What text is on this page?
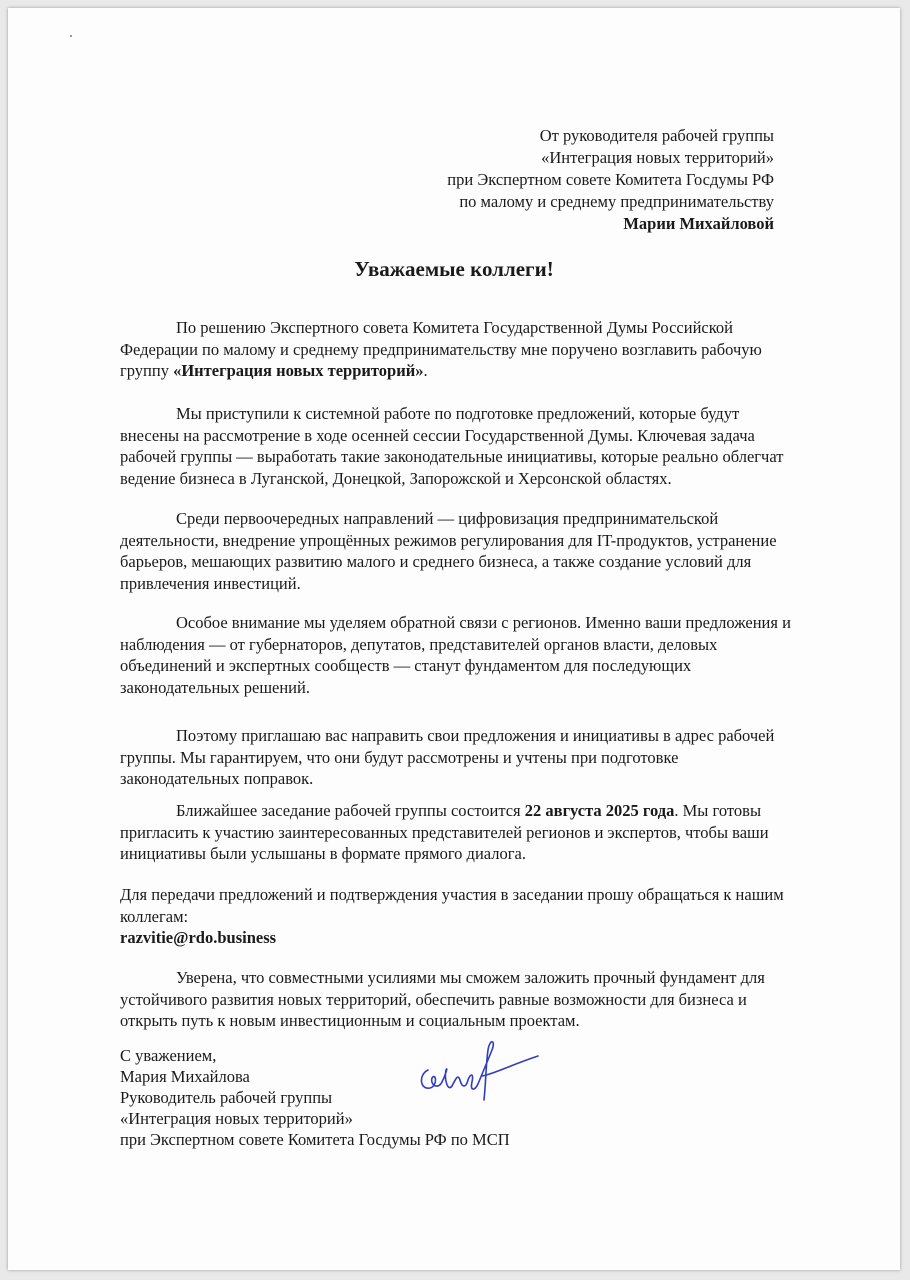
От руководителя рабочей группы
«Интеграция новых территорий»
при Экспертном совете Комитета Госдумы РФ
по малому и среднему предпринимательству
Марии Михайловой
Уважаемые коллеги!
По решению Экспертного совета Комитета Государственной Думы Российской
Федерации по малому и среднему предпринимательству мне поручено возглавить рабочую
группу «Интеграция новых территорий».
Мы приступили к системной работе по подготовке предложений, которые будут
внесены на рассмотрение в ходе осенней сессии Государственной Думы. Ключевая задача
рабочей группы — выработать такие законодательные инициативы, которые реально облегчат
ведение бизнеса в Луганской, Донецкой, Запорожской и Херсонской областях.
Среди первоочередных направлений — цифровизация предпринимательской
деятельности, внедрение упрощённых режимов регулирования для IT-продуктов, устранение
барьеров, мешающих развитию малого и среднего бизнеса, а также создание условий для
привлечения инвестиций.
Особое внимание мы уделяем обратной связи с регионов. Именно ваши предложения и
наблюдения — от губернаторов, депутатов, представителей органов власти, деловых
объединений и экспертных сообществ — станут фундаментом для последующих
законодательных решений.
Поэтому приглашаю вас направить свои предложения и инициативы в адрес рабочей
группы. Мы гарантируем, что они будут рассмотрены и учтены при подготовке
законодательных поправок.
Ближайшее заседание рабочей группы состоится 22 августа 2025 года. Мы готовы
пригласить к участию заинтересованных представителей регионов и экспертов, чтобы ваши
инициативы были услышаны в формате прямого диалога.
Для передачи предложений и подтверждения участия в заседании прошу обращаться к нашим
коллегам:
razvitie@rdo.business
Уверена, что совместными усилиями мы сможем заложить прочный фундамент для
устойчивого развития новых территорий, обеспечить равные возможности для бизнеса и
открыть путь к новым инвестиционным и социальным проектам.
С уважением,
Мария Михайлова
Руководитель рабочей группы
«Интеграция новых территорий»
при Экспертном совете Комитета Госдумы РФ по МСП
